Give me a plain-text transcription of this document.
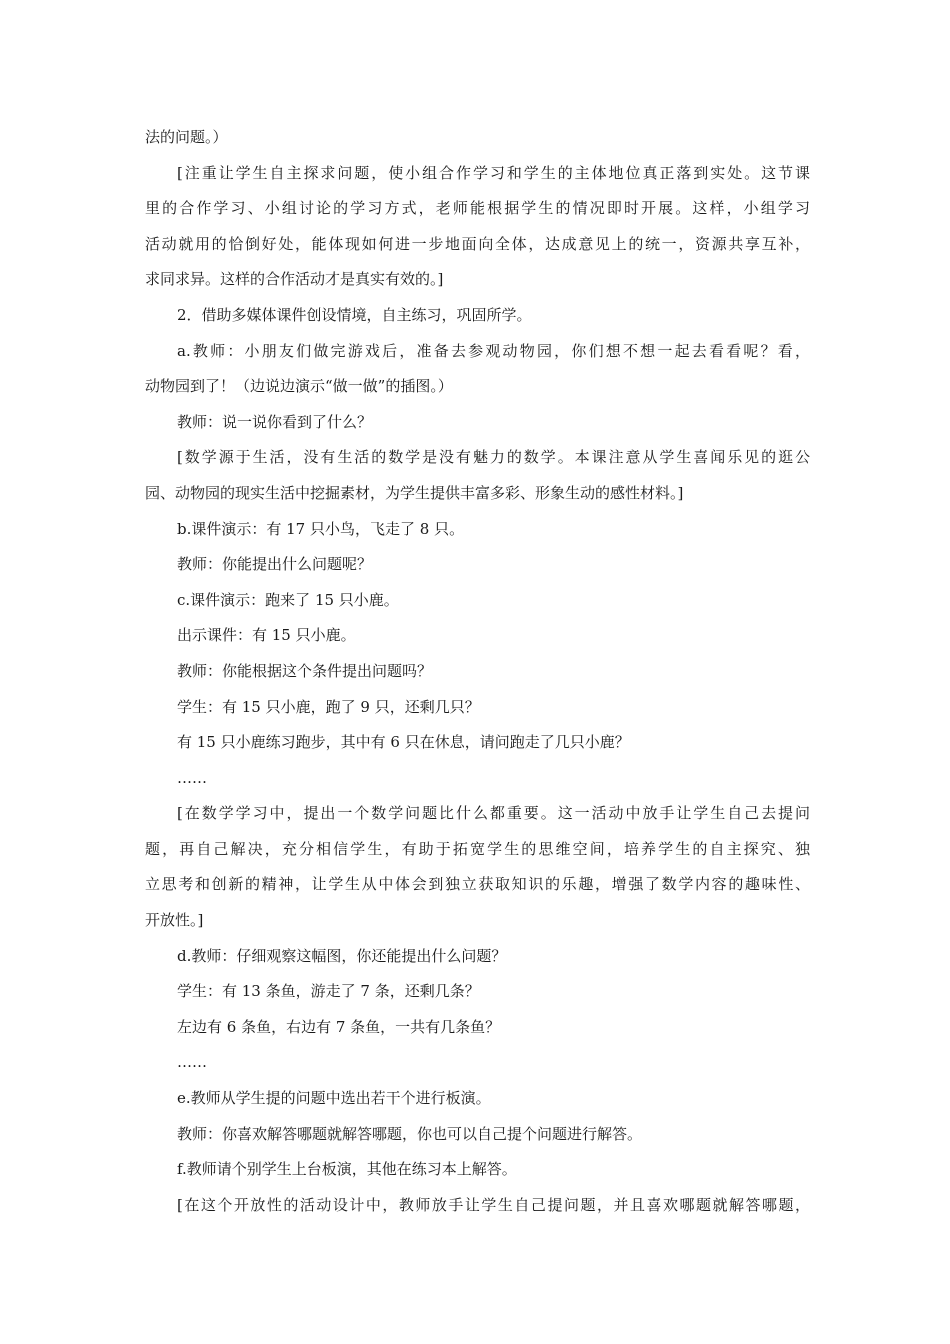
法的问题。）
[注重让学生自主探求问题，使小组合作学习和学生的主体地位真正落到实处。这节课
里的合作学习、小组讨论的学习方式，老师能根据学生的情况即时开展。这样，小组学习
活动就用的恰倒好处，能体现如何进一步地面向全体，达成意见上的统一，资源共享互补，
求同求异。这样的合作活动才是真实有效的。]
2．借助多媒体课件创设情境，自主练习，巩固所学。
a.教师：小朋友们做完游戏后，准备去参观动物园，你们想不想一起去看看呢？看，
动物园到了！（边说边演示“做一做”的插图。）
教师：说一说你看到了什么？
[数学源于生活，没有生活的数学是没有魅力的数学。本课注意从学生喜闻乐见的逛公
园、动物园的现实生活中挖掘素材，为学生提供丰富多彩、形象生动的感性材料。]
b.课件演示：有 17 只小鸟，飞走了 8 只。
教师：你能提出什么问题呢？
c.课件演示：跑来了 15 只小鹿。
出示课件：有 15 只小鹿。
教师：你能根据这个条件提出问题吗？
学生：有 15 只小鹿，跑了 9 只，还剩几只？
有 15 只小鹿练习跑步，其中有 6 只在休息，请问跑走了几只小鹿？
……
[在数学学习中，提出一个数学问题比什么都重要。这一活动中放手让学生自己去提问
题，再自己解决，充分相信学生，有助于拓宽学生的思维空间，培养学生的自主探究、独
立思考和创新的精神，让学生从中体会到独立获取知识的乐趣，增强了数学内容的趣味性、
开放性。]
d.教师：仔细观察这幅图，你还能提出什么问题？
学生：有 13 条鱼，游走了 7 条，还剩几条？
左边有 6 条鱼，右边有 7 条鱼，一共有几条鱼？
……
e.教师从学生提的问题中选出若干个进行板演。
教师：你喜欢解答哪题就解答哪题，你也可以自己提个问题进行解答。
f.教师请个别学生上台板演，其他在练习本上解答。
[在这个开放性的活动设计中，教师放手让学生自己提问题，并且喜欢哪题就解答哪题，
